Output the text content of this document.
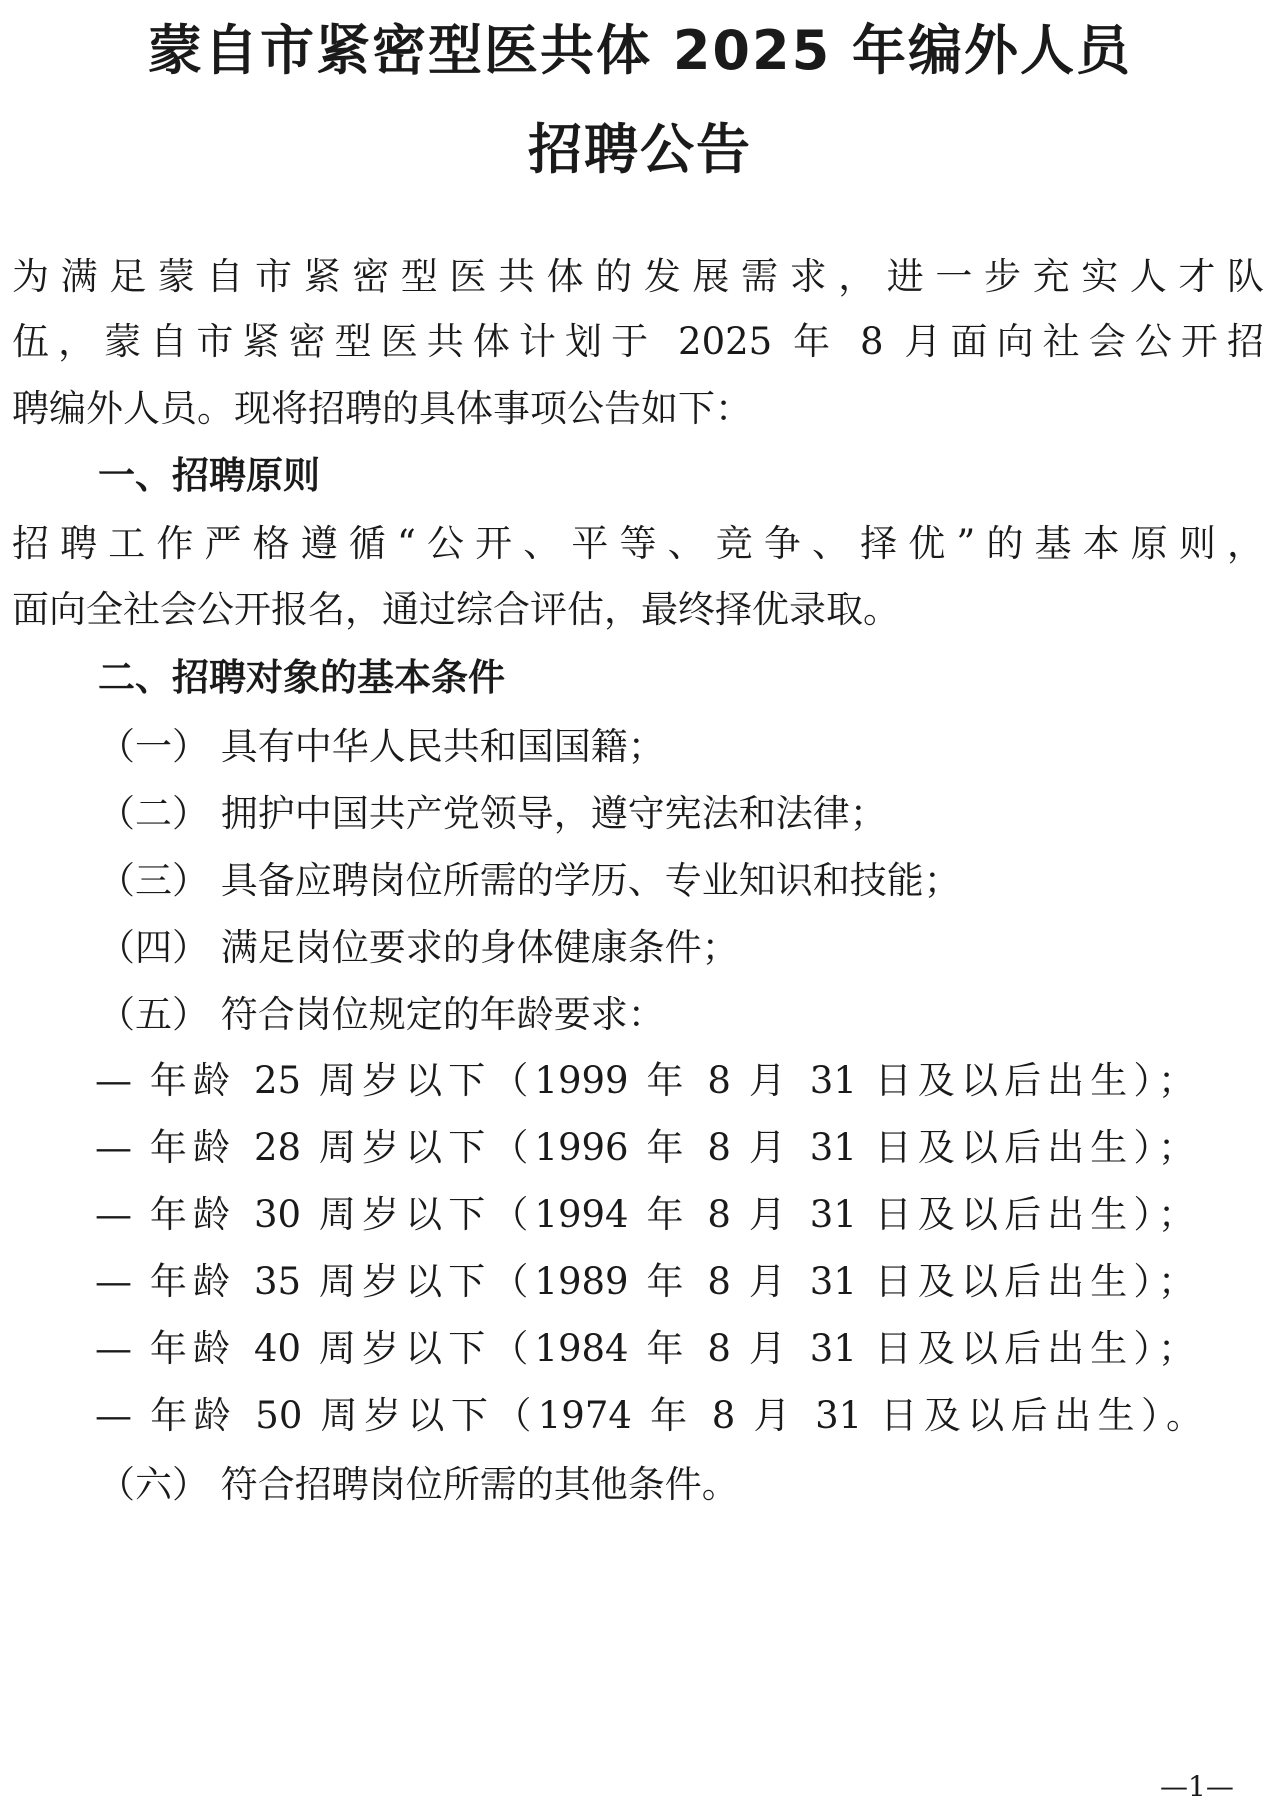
蒙自市紧密型医共体 2025 年编外人员
招聘公告
为满足蒙自市紧密型医共体的发展需求，进一步充实人才队
伍，蒙自市紧密型医共体计划于 2025 年 8 月面向社会公开招
聘编外人员。现将招聘的具体事项公告如下：
一、招聘原则
招聘工作严格遵循“公开、平等、竞争、择优”的基本原则，
面向全社会公开报名，通过综合评估，最终择优录取。
二、招聘对象的基本条件
（一） 具有中华人民共和国国籍；
（二） 拥护中国共产党领导，遵守宪法和法律；
（三） 具备应聘岗位所需的学历、专业知识和技能；
（四） 满足岗位要求的身体健康条件；
（五） 符合岗位规定的年龄要求：
— 年龄 25 周岁以下（1999 年 8 月 31 日及以后出生）；
— 年龄 28 周岁以下（1996 年 8 月 31 日及以后出生）；
— 年龄 30 周岁以下（1994 年 8 月 31 日及以后出生）；
— 年龄 35 周岁以下（1989 年 8 月 31 日及以后出生）；
— 年龄 40 周岁以下（1984 年 8 月 31 日及以后出生）；
— 年龄 50 周岁以下（1974 年 8 月 31 日及以后出生）。
（六） 符合招聘岗位所需的其他条件。
—1—
